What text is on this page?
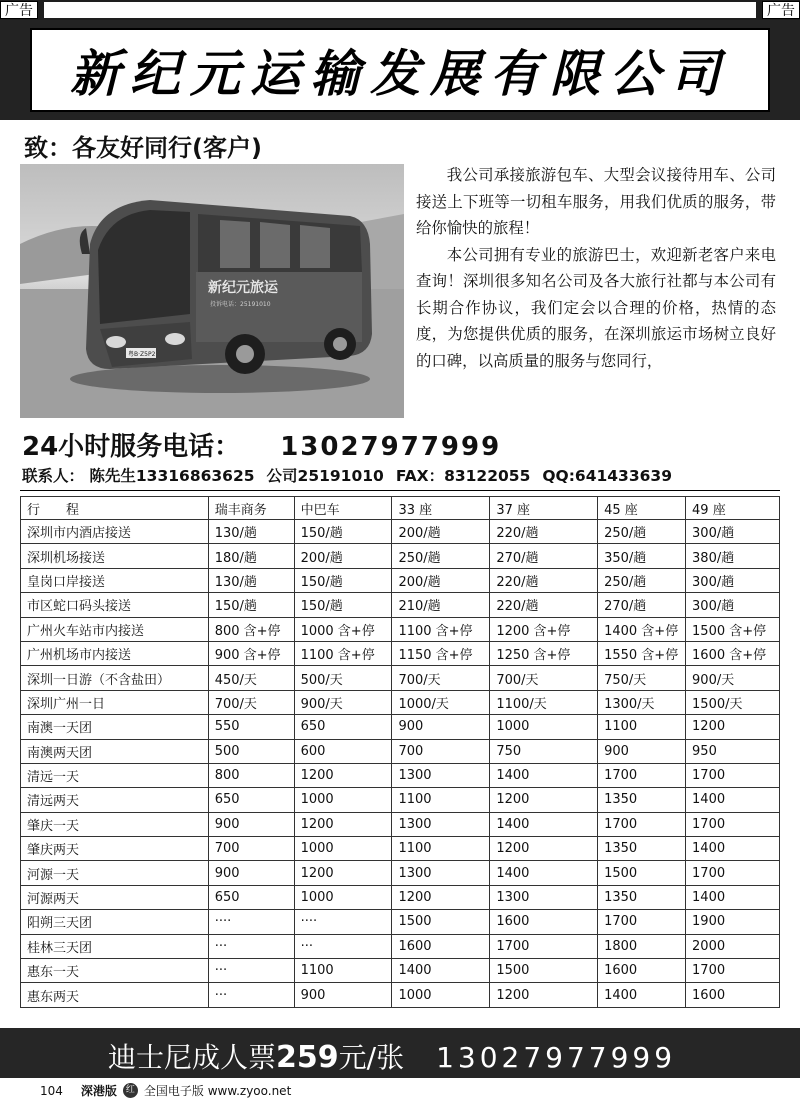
广告	广告
新纪元运输发展有限公司
致：各友好同行(客户)
新纪元旅运
投诉电话：25191010
粤B·Z5P2

我公司承接旅游包车、大型会议接待用车、公司接送上下班等一切租车服务，用我们优质的服务，带给你愉快的旅程！

本公司拥有专业的旅游巴士，欢迎新老客户来电查询！深圳很多知名公司及各大旅行社都与本公司有长期合作协议，我们定会以合理的价格，热情的态度，为您提供优质的服务，在深圳旅运市场树立良好的口碑，以高质量的服务与您同行，

24小时服务电话： 13027977999
联系人： 陈先生13316863625 公司25191010 FAX：83122055 QQ:641433639
行　　程	瑞丰商务	中巴车	33 座	37 座	45 座	49 座
深圳市内酒店接送	130/趟	150/趟	200/趟	220/趟	250/趟	300/趟
深圳机场接送	180/趟	200/趟	250/趟	270/趟	350/趟	380/趟
皇岗口岸接送	130/趟	150/趟	200/趟	220/趟	250/趟	300/趟
市区蛇口码头接送	150/趟	150/趟	210/趟	220/趟	270/趟	300/趟
广州火车站市内接送	800 含+停	1000 含+停	1100 含+停	1200 含+停	1400 含+停	1500 含+停
广州机场市内接送	900 含+停	1100 含+停	1150 含+停	1250 含+停	1550 含+停	1600 含+停
深圳一日游（不含盐田）	450/天	500/天	700/天	700/天	750/天	900/天
深圳广州一日	700/天	900/天	1000/天	1100/天	1300/天	1500/天
南澳一天团	550	650	900	1000	1100	1200
南澳两天团	500	600	700	750	900	950
清远一天	800	1200	1300	1400	1700	1700
清远两天	650	1000	1100	1200	1350	1400
肇庆一天	900	1200	1300	1400	1700	1700
肇庆两天	700	1000	1100	1200	1350	1400
河源一天	900	1200	1300	1400	1500	1700
河源两天	650	1000	1200	1300	1350	1400
阳朔三天团	····	····	1500	1600	1700	1900
桂林三天团	···	···	1600	1700	1800	2000
惠东一天	···	1100	1400	1500	1600	1700
惠东两天	···	900	1000	1200	1400	1600
迪士尼成人票259元/张 13027977999
104 深港版 红 全国电子版 www.zyoo.net
